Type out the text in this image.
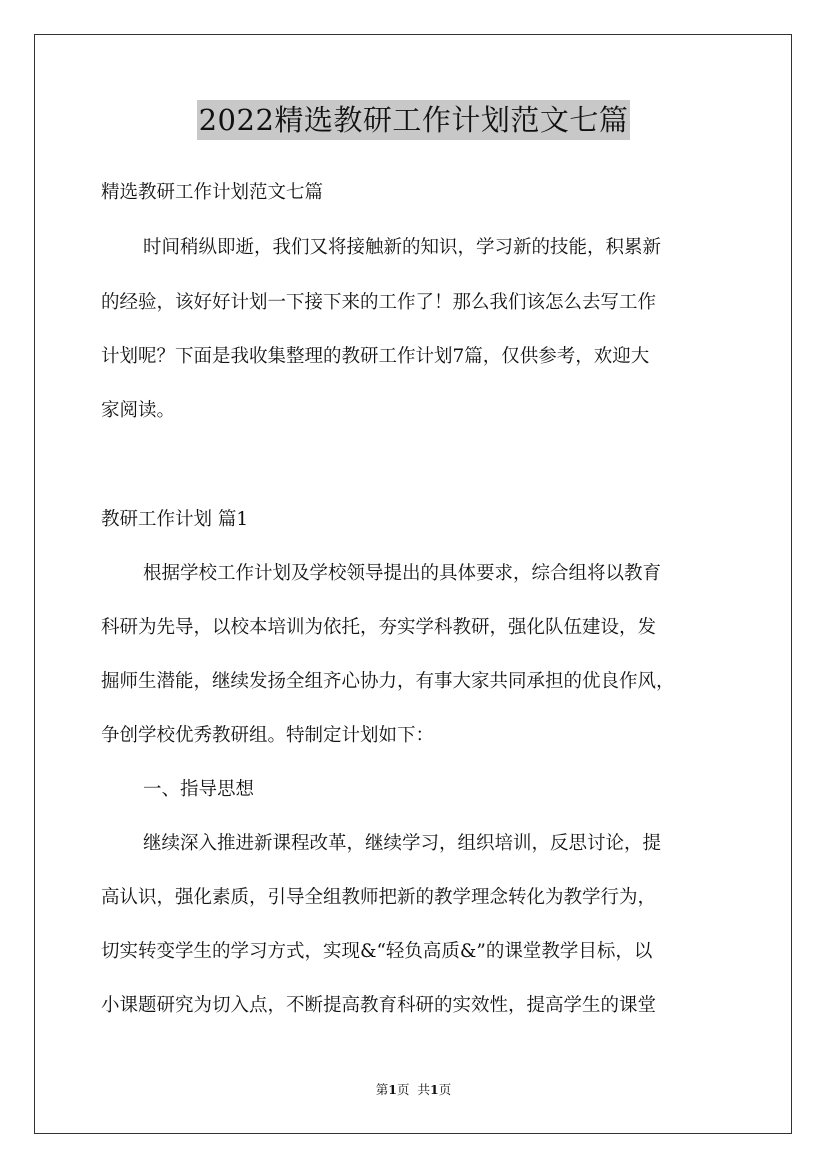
2022精选教研工作计划范文七篇
精选教研工作计划范文七篇
时间稍纵即逝，我们又将接触新的知识，学习新的技能，积累新
的经验，该好好计划一下接下来的工作了！那么我们该怎么去写工作
计划呢？下面是我收集整理的教研工作计划7篇，仅供参考，欢迎大
家阅读。
教研工作计划 篇1
根据学校工作计划及学校领导提出的具体要求，综合组将以教育
科研为先导，以校本培训为依托，夯实学科教研，强化队伍建设，发
掘师生潜能，继续发扬全组齐心协力，有事大家共同承担的优良作风，
争创学校优秀教研组。特制定计划如下：
一、指导思想
继续深入推进新课程改革，继续学习，组织培训，反思讨论，提
高认识，强化素质，引导全组教师把新的教学理念转化为教学行为，
切实转变学生的学习方式，实现&“轻负高质&”的课堂教学目标，以
小课题研究为切入点，不断提高教育科研的实效性，提高学生的课堂
第1页 共1页
